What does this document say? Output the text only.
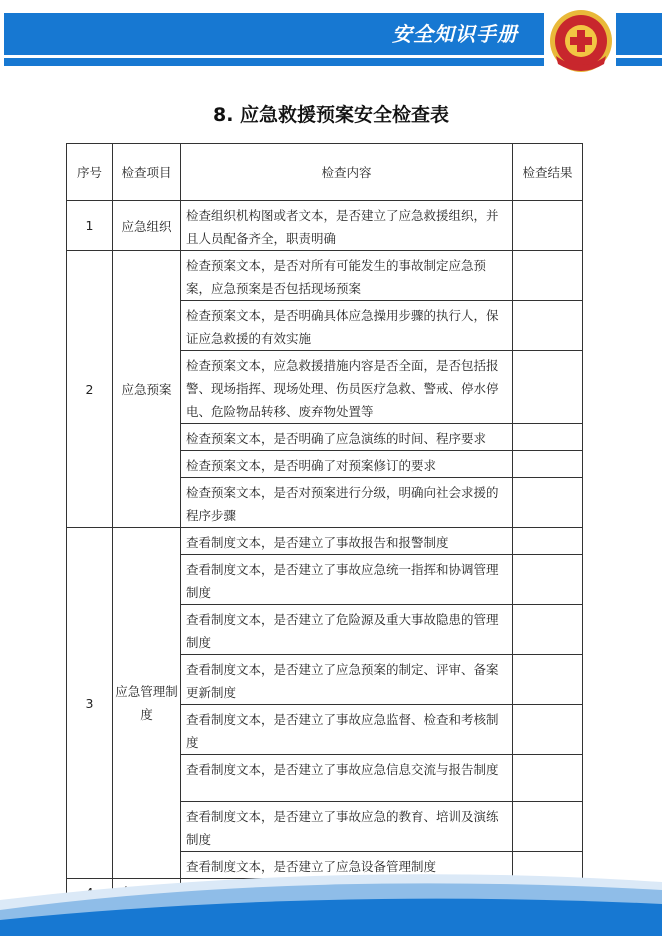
安全知识手册
8. 应急救援预案安全检查表
序号	检查项目	检查内容	检查结果
1	应急组织	检查组织机构图或者文本，是否建立了应急救援组织，并且人员配备齐全，职责明确	
2	应急预案	检查预案文本，是否对所有可能发生的事故制定应急预案，应急预案是否包括现场预案	
		检查预案文本，是否明确具体应急操用步骤的执行人，保证应急救援的有效实施	
		检查预案文本，应急救援措施内容是否全面，是否包括报警、现场指挥、现场处理、伤员医疗急救、警戒、停水停电、危险物品转移、废弃物处置等	
		检查预案文本，是否明确了应急演练的时间、程序要求	
		检查预案文本，是否明确了对预案修订的要求	
		检查预案文本，是否对预案进行分级，明确向社会求援的程序步骤	
3	应急管理制度	查看制度文本，是否建立了事故报告和报警制度	
		查看制度文本，是否建立了事故应急统一指挥和协调管理制度	
		查看制度文本，是否建立了危险源及重大事故隐患的管理制度	
		查看制度文本，是否建立了应急预案的制定、评审、备案更新制度	
		查看制度文本，是否建立了事故应急监督、检查和考核制度	
		查看制度文本，是否建立了事故应急信息交流与报告制度	
		查看制度文本，是否建立了事故应急的教育、培训及演练制度	
		查看制度文本，是否建立了应急设备管理制度	
